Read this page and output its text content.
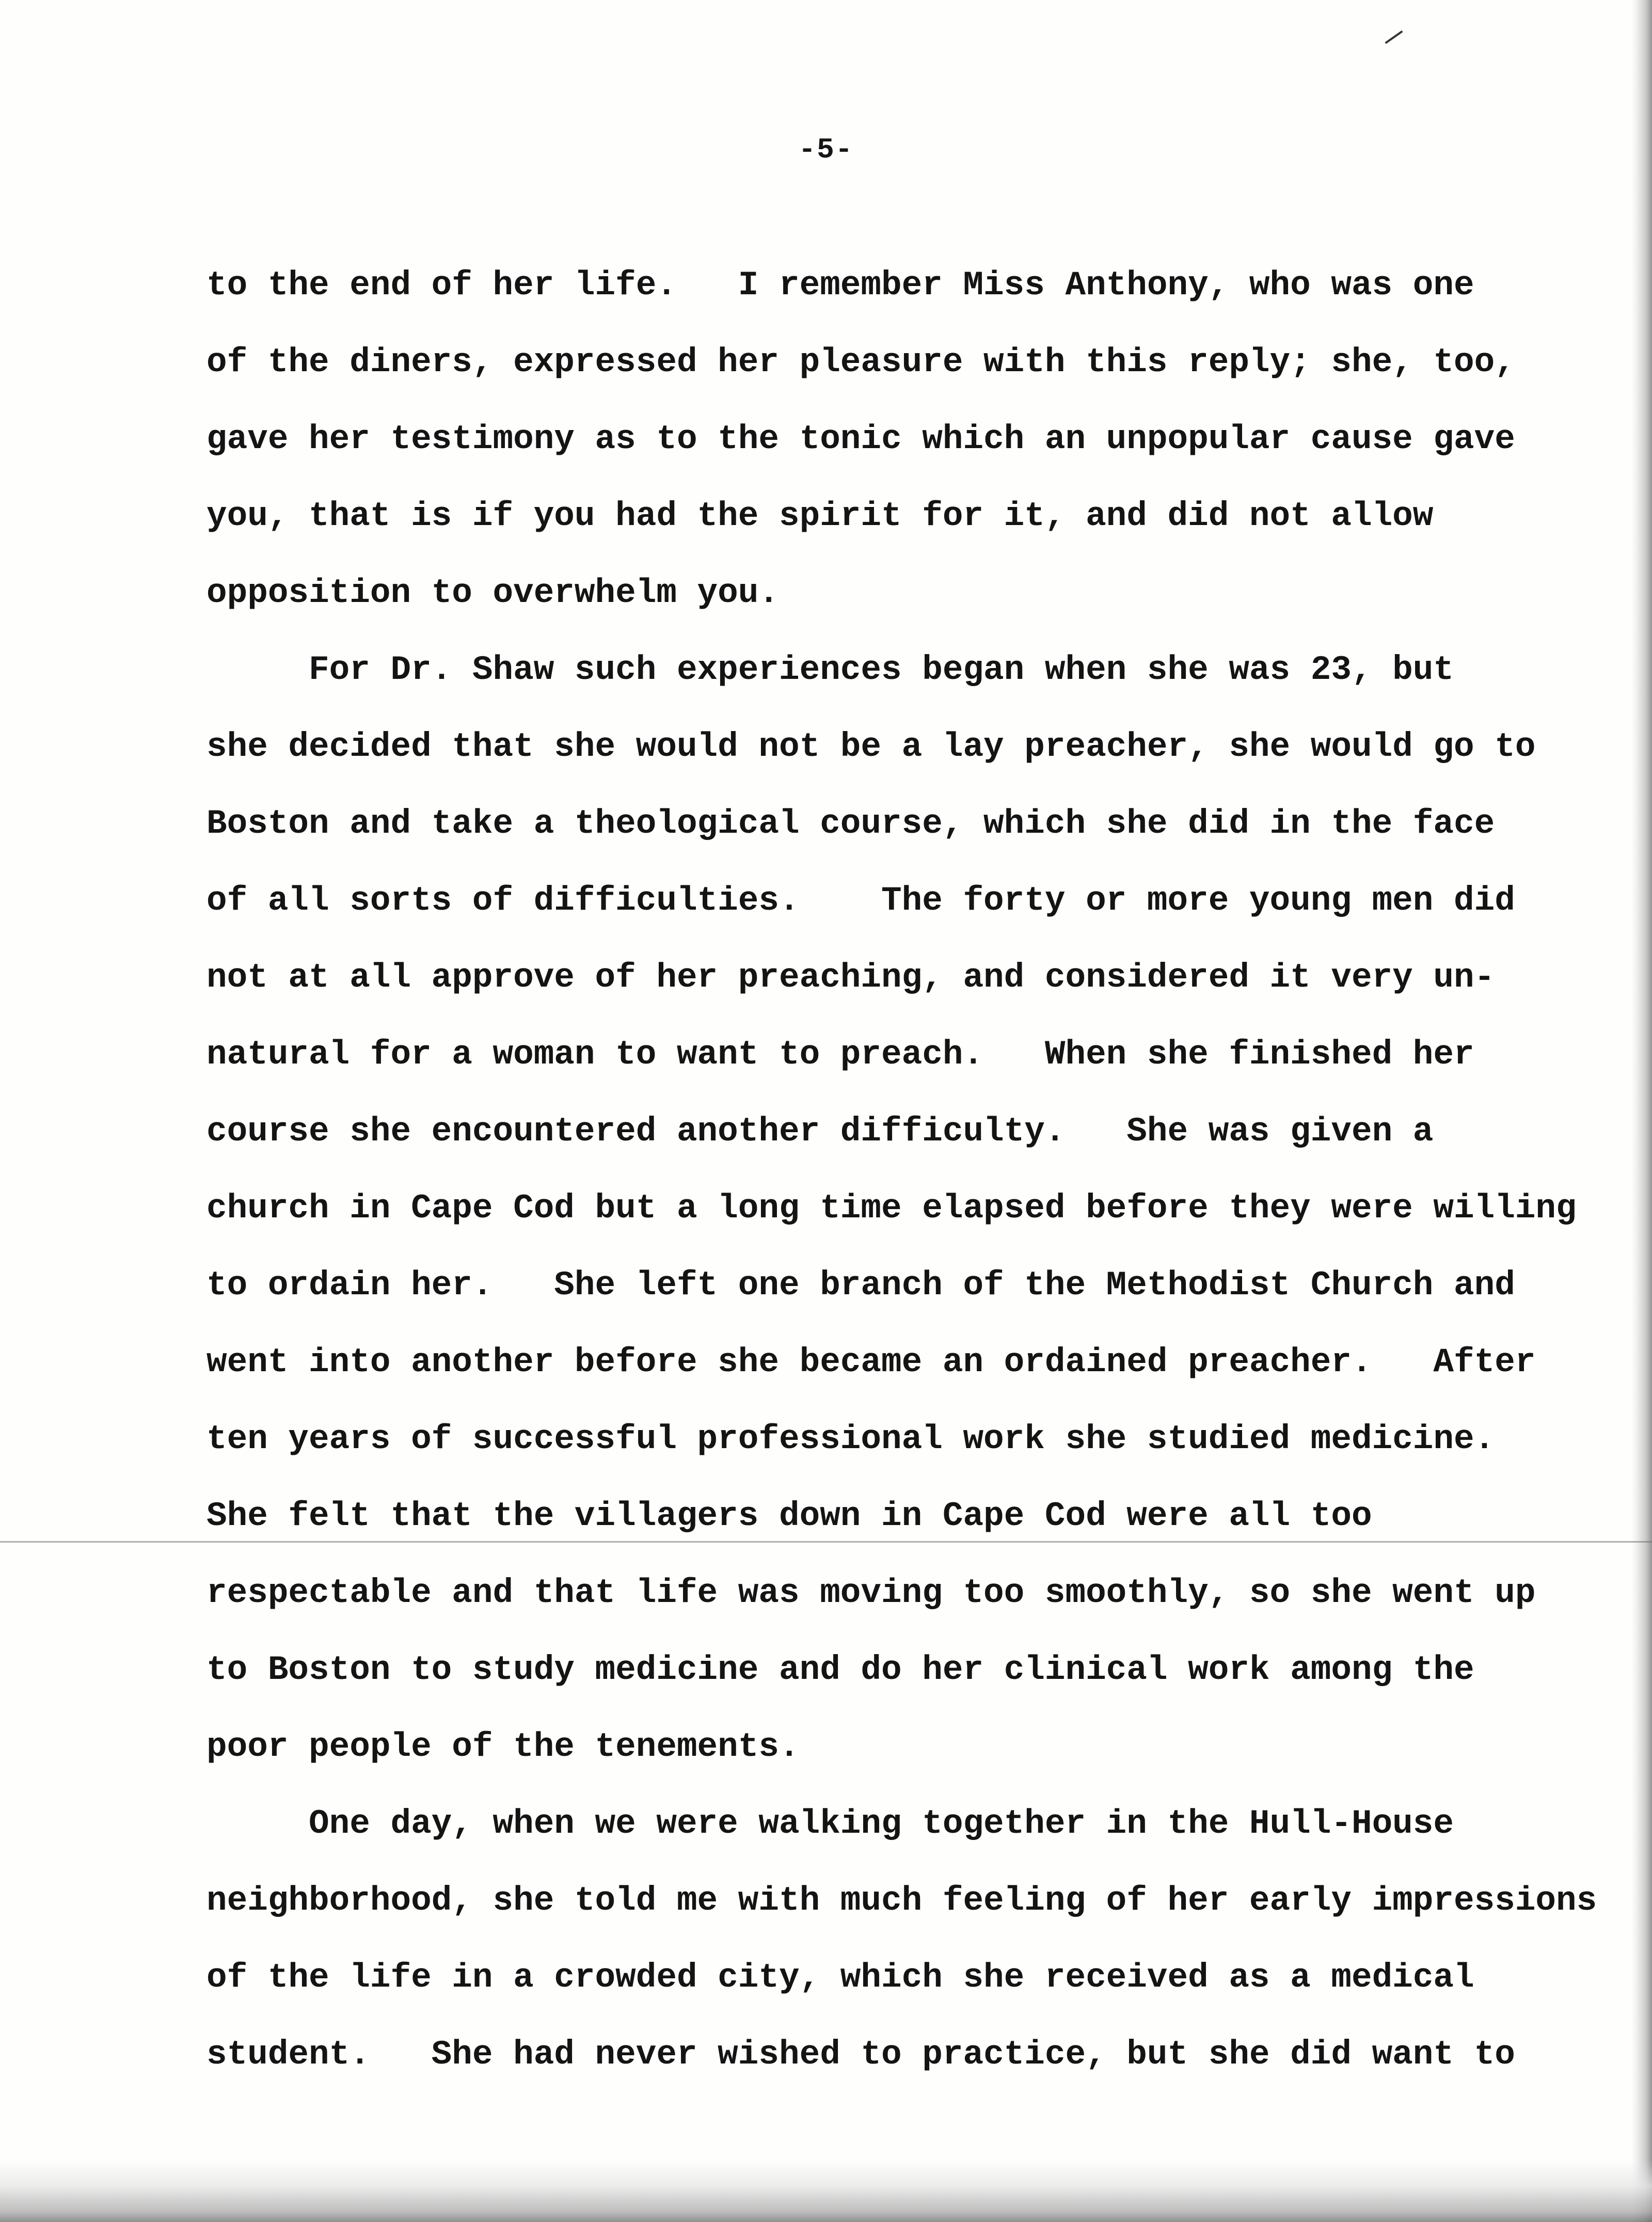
-5-
to the end of her life.   I remember Miss Anthony, who was one
of the diners, expressed her pleasure with this reply; she, too,
gave her testimony as to the tonic which an unpopular cause gave
you, that is if you had the spirit for it, and did not allow
opposition to overwhelm you.
For Dr. Shaw such experiences began when she was 23, but
she decided that she would not be a lay preacher, she would go to
Boston and take a theological course, which she did in the face
of all sorts of difficulties.    The forty or more young men did
not at all approve of her preaching, and considered it very un-
natural for a woman to want to preach.   When she finished her
course she encountered another difficulty.   She was given a
church in Cape Cod but a long time elapsed before they were willing
to ordain her.   She left one branch of the Methodist Church and
went into another before she became an ordained preacher.   After
ten years of successful professional work she studied medicine.
She felt that the villagers down in Cape Cod were all too
respectable and that life was moving too smoothly, so she went up
to Boston to study medicine and do her clinical work among the
poor people of the tenements.
One day, when we were walking together in the Hull-House
neighborhood, she told me with much feeling of her early impressions
of the life in a crowded city, which she received as a medical
student.   She had never wished to practice, but she did want to
